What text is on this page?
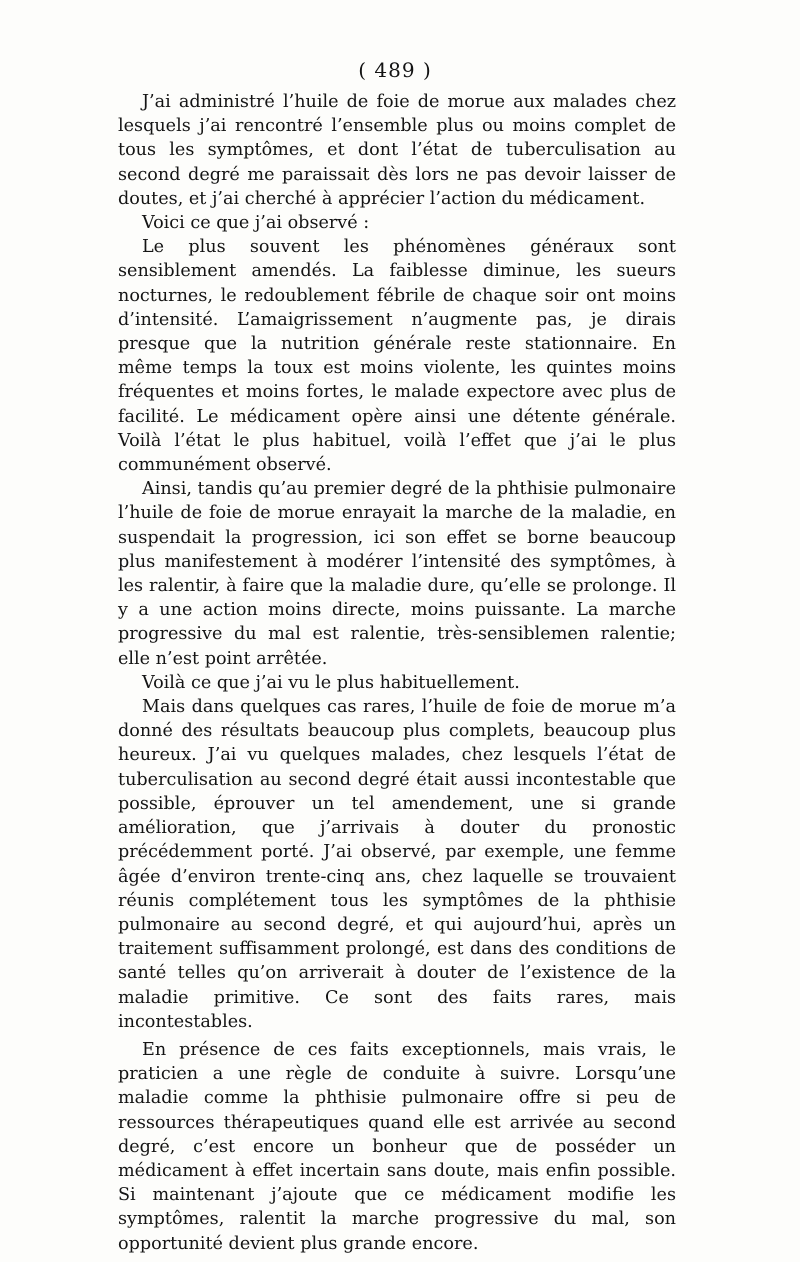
( 489 )

J’ai administré l’huile de foie de morue aux malades chez lesquels j’ai rencontré l’ensemble plus ou moins complet de tous les symptômes, et dont l’état de tuberculisation au second degré me paraissait dès lors ne pas devoir laisser de doutes, et j’ai cherché à apprécier l’action du médicament.

Voici ce que j’ai observé :

Le plus souvent les phénomènes généraux sont sensiblement amendés. La faiblesse diminue, les sueurs nocturnes, le redoublement fébrile de chaque soir ont moins d’intensité. L’amaigrissement n’augmente pas, je dirais presque que la nutrition générale reste stationnaire. En même temps la toux est moins violente, les quintes moins fréquentes et moins fortes, le malade expectore avec plus de facilité. Le médicament opère ainsi une détente générale. Voilà l’état le plus habituel, voilà l’effet que j’ai le plus communément observé.

Ainsi, tandis qu’au premier degré de la phthisie pulmonaire l’huile de foie de morue enrayait la marche de la maladie, en suspendait la progression, ici son effet se borne beaucoup plus manifestement à modérer l’intensité des symptômes, à les ralentir, à faire que la maladie dure, qu’elle se prolonge. Il y a une action moins directe, moins puissante. La marche progressive du mal est ralentie, très-sensiblemen ralentie; elle n’est point arrêtée.

Voilà ce que j’ai vu le plus habituellement.

Mais dans quelques cas rares, l’huile de foie de morue m’a donné des résultats beaucoup plus complets, beaucoup plus heureux. J’ai vu quelques malades, chez lesquels l’état de tuberculisation au second degré était aussi incontestable que possible, éprouver un tel amendement, une si grande amélioration, que j’arrivais à douter du pronostic précédemment porté. J’ai observé, par exemple, une femme âgée d’environ trente-cinq ans, chez laquelle se trouvaient réunis complétement tous les symptômes de la phthisie pulmonaire au second degré, et qui aujourd’hui, après un traitement suffisamment prolongé, est dans des conditions de santé telles qu’on arriverait à douter de l’existence de la maladie primitive. Ce sont des faits rares, mais incontestables.

En présence de ces faits exceptionnels, mais vrais, le praticien a une règle de conduite à suivre. Lorsqu’une maladie comme la phthisie pulmonaire offre si peu de ressources thérapeutiques quand elle est arrivée au second degré, c’est encore un bonheur que de posséder un médicament à effet incertain sans doute, mais enfin possible. Si maintenant j’ajoute que ce médicament modifie les symptômes, ralentit la marche progressive du mal, son opportunité devient plus grande encore.
